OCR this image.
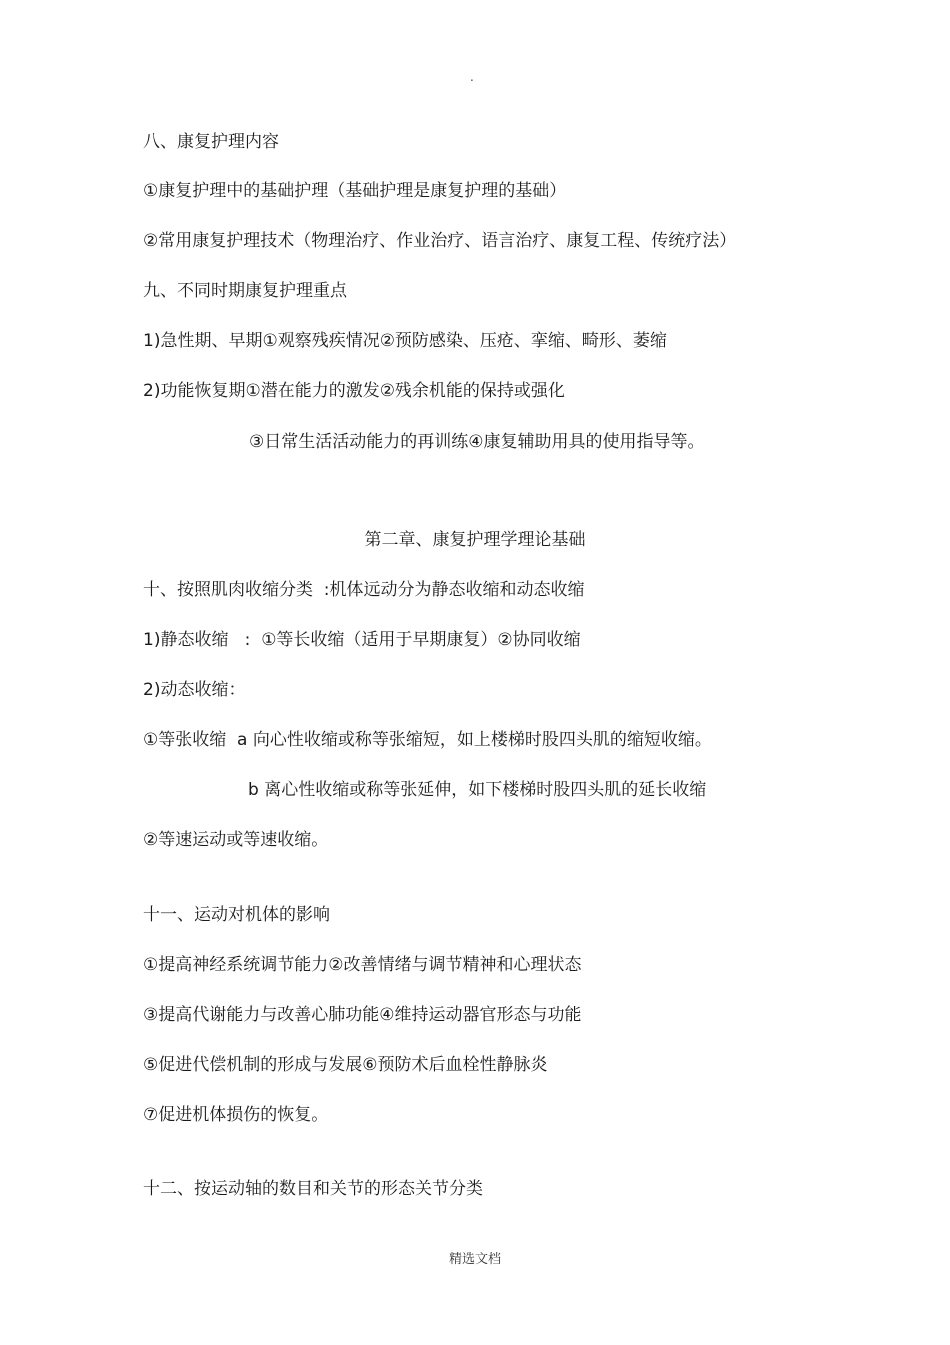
.
八、康复护理内容
①康复护理中的基础护理（基础护理是康复护理的基础）
②常用康复护理技术（物理治疗、作业治疗、语言治疗、康复工程、传统疗法）
九、不同时期康复护理重点
1)急性期、早期①观察残疾情况②预防感染、压疮、挛缩、畸形、萎缩
2)功能恢复期①潜在能力的激发②残余机能的保持或强化
③日常生活活动能力的再训练④康复辅助用具的使用指导等。
第二章、康复护理学理论基础
十、按照肌肉收缩分类  :机体远动分为静态收缩和动态收缩
1)静态收缩   :  ①等长收缩（适用于早期康复）②协同收缩
2)动态收缩：
①等张收缩  a 向心性收缩或称等张缩短，如上楼梯时股四头肌的缩短收缩。
b 离心性收缩或称等张延伸，如下楼梯时股四头肌的延长收缩
②等速运动或等速收缩。
十一、运动对机体的影响
①提高神经系统调节能力②改善情绪与调节精神和心理状态
③提高代谢能力与改善心肺功能④维持运动器官形态与功能
⑤促进代偿机制的形成与发展⑥预防术后血栓性静脉炎
⑦促进机体损伤的恢复。
十二、按运动轴的数目和关节的形态关节分类
精选文档
